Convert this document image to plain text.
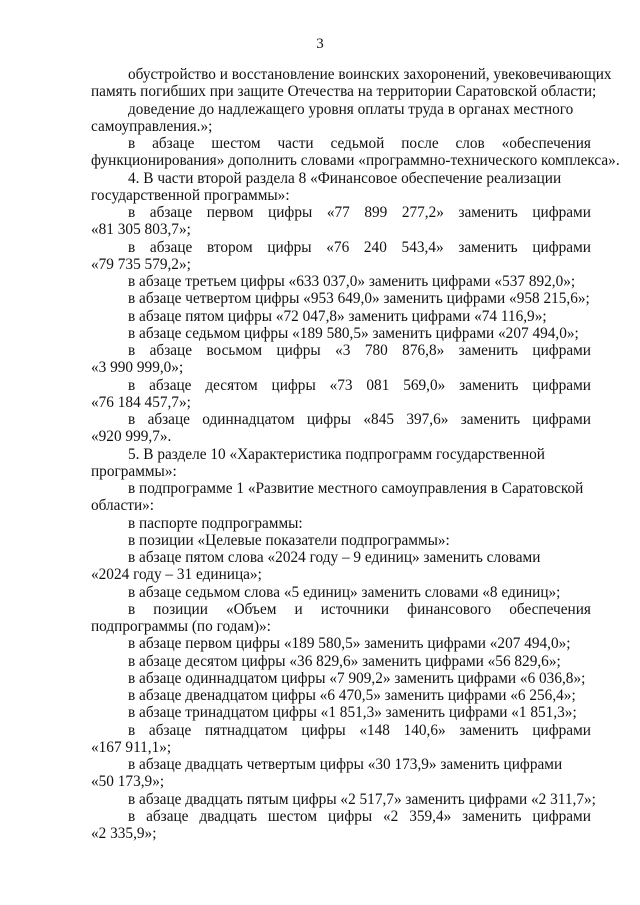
3
обустройство и восстановление воинских захоронений, увековечивающих
память погибших при защите Отечества на территории Саратовской области;
доведение до надлежащего уровня оплаты труда в органах местного
самоуправления.»;
в абзаце шестом части седьмой после слов «обеспечения
функционирования» дополнить словами «программно-технического комплекса».
4. В части второй раздела 8 «Финансовое обеспечение реализации
государственной программы»:
в абзаце первом цифры «77 899 277,2» заменить цифрами
«81 305 803,7»;
в абзаце втором цифры «76 240 543,4» заменить цифрами
«79 735 579,2»;
в абзаце третьем цифры «633 037,0» заменить цифрами «537 892,0»;
в абзаце четвертом цифры «953 649,0» заменить цифрами «958 215,6»;
в абзаце пятом цифры «72 047,8» заменить цифрами «74 116,9»;
в абзаце седьмом цифры «189 580,5» заменить цифрами «207 494,0»;
в абзаце восьмом цифры «3 780 876,8» заменить цифрами
«3 990 999,0»;
в абзаце десятом цифры «73 081 569,0» заменить цифрами
«76 184 457,7»;
в абзаце одиннадцатом цифры «845 397,6» заменить цифрами
«920 999,7».
5. В разделе 10 «Характеристика подпрограмм государственной
программы»:
в подпрограмме 1 «Развитие местного самоуправления в Саратовской
области»:
в паспорте подпрограммы:
в позиции «Целевые показатели подпрограммы»:
в абзаце пятом слова «2024 году – 9 единиц» заменить словами
«2024 году – 31 единица»;
в абзаце седьмом слова «5 единиц» заменить словами «8 единиц»;
в позиции «Объем и источники финансового обеспечения
подпрограммы (по годам)»:
в абзаце первом цифры «189 580,5» заменить цифрами «207 494,0»;
в абзаце десятом цифры «36 829,6» заменить цифрами «56 829,6»;
в абзаце одиннадцатом цифры «7 909,2» заменить цифрами «6 036,8»;
в абзаце двенадцатом цифры «6 470,5» заменить цифрами «6 256,4»;
в абзаце тринадцатом цифры «1 851,3» заменить цифрами «1 851,3»;
в абзаце пятнадцатом цифры «148 140,6» заменить цифрами
«167 911,1»;
в абзаце двадцать четвертым цифры «30 173,9» заменить цифрами
«50 173,9»;
в абзаце двадцать пятым цифры «2 517,7» заменить цифрами «2 311,7»;
в абзаце двадцать шестом цифры «2 359,4» заменить цифрами
«2 335,9»;
